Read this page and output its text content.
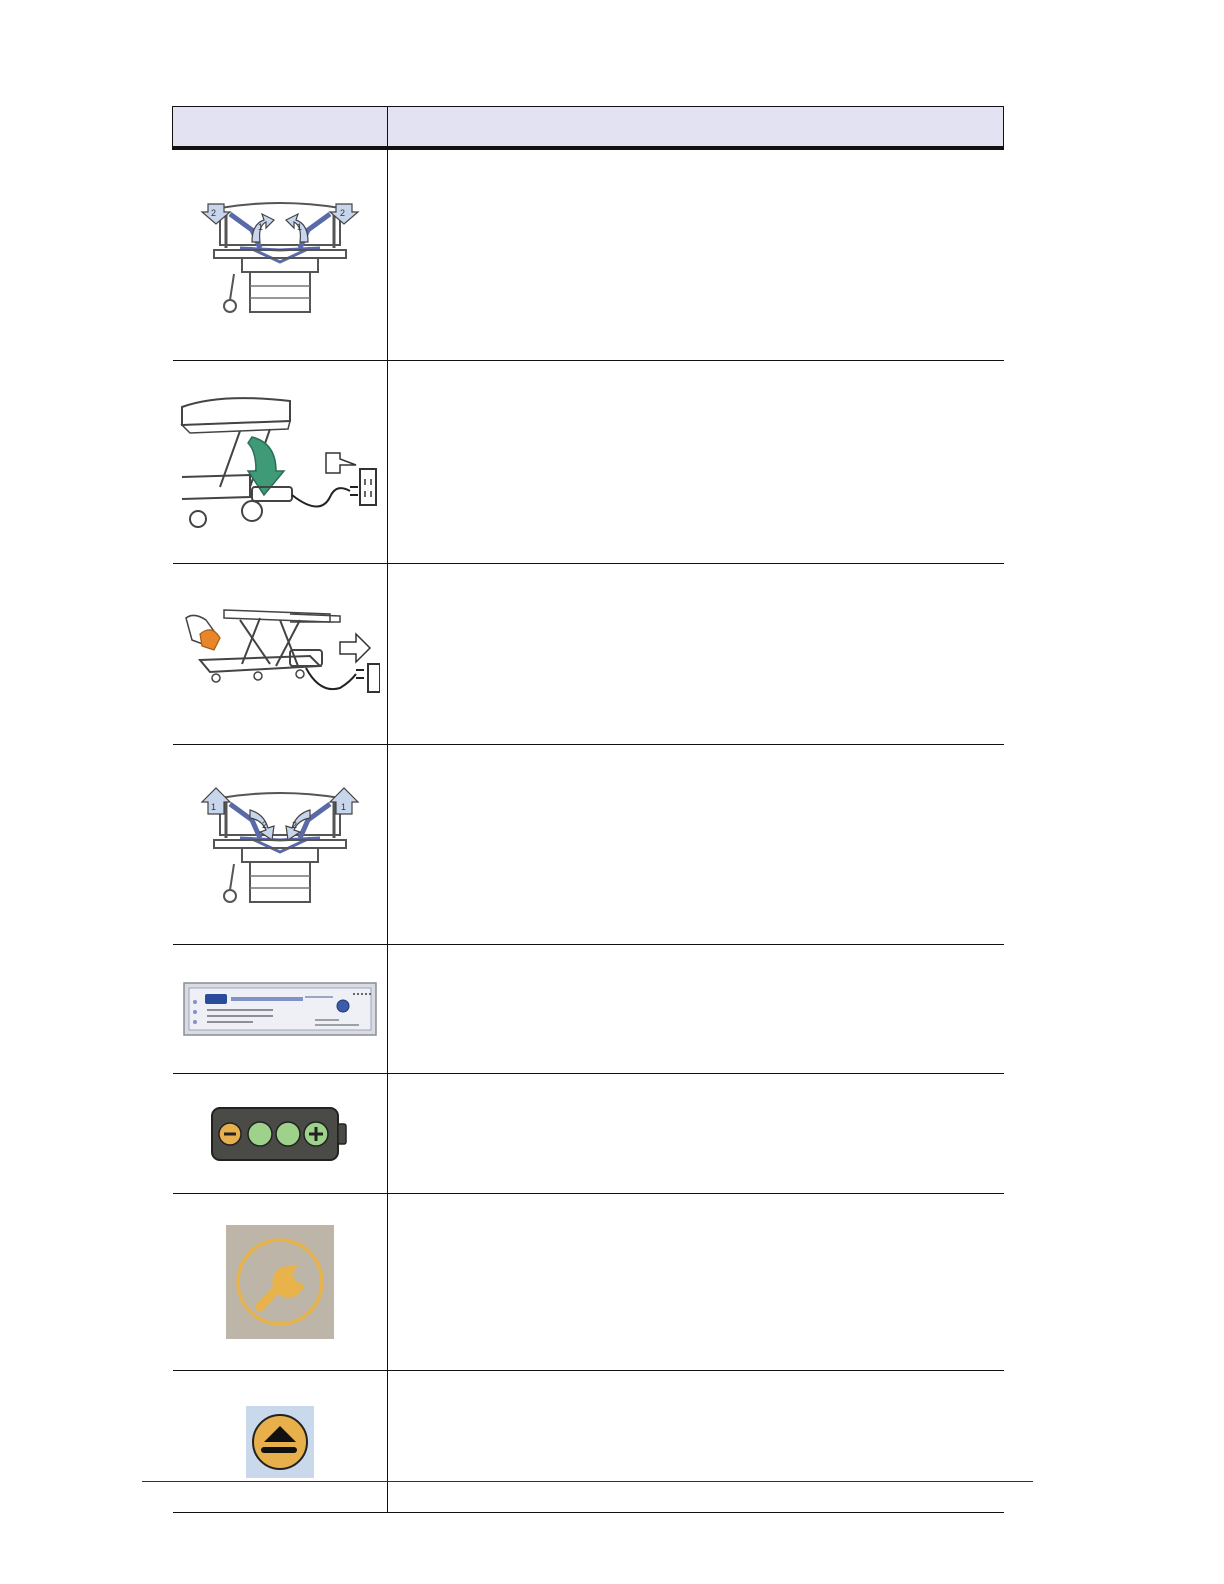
2
1 1
2	

1
2 2
1	
